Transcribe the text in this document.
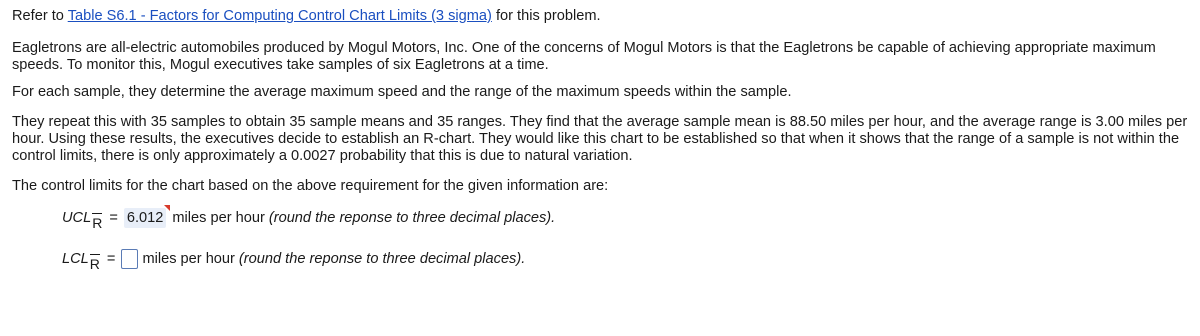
Refer to Table S6.1 - Factors for Computing Control Chart Limits (3 sigma) for this problem.

Eagletrons are all-electric automobiles produced by Mogul Motors, Inc. One of the concerns of Mogul Motors is that the Eagletrons be capable of achieving appropriate maximum speeds. To monitor this, Mogul executives take samples of six Eagletrons at a time.

For each sample, they determine the average maximum speed and the range of the maximum speeds within the sample.

They repeat this with 35 samples to obtain 35 sample means and 35 ranges. They find that the average sample mean is 88.50 miles per hour, and the average range is 3.00 miles per hour. Using these results, the executives decide to establish an R-chart. They would like this chart to be established so that when it shows that the range of a sample is not within the control limits, there is only approximately a 0.0027 probability that this is due to natural variation.

The control limits for the chart based on the above requirement for the given information are:

UCL
R = 6.012 miles per hour (round the reponse to three decimal places).
LCL
R = miles per hour (round the reponse to three decimal places).
